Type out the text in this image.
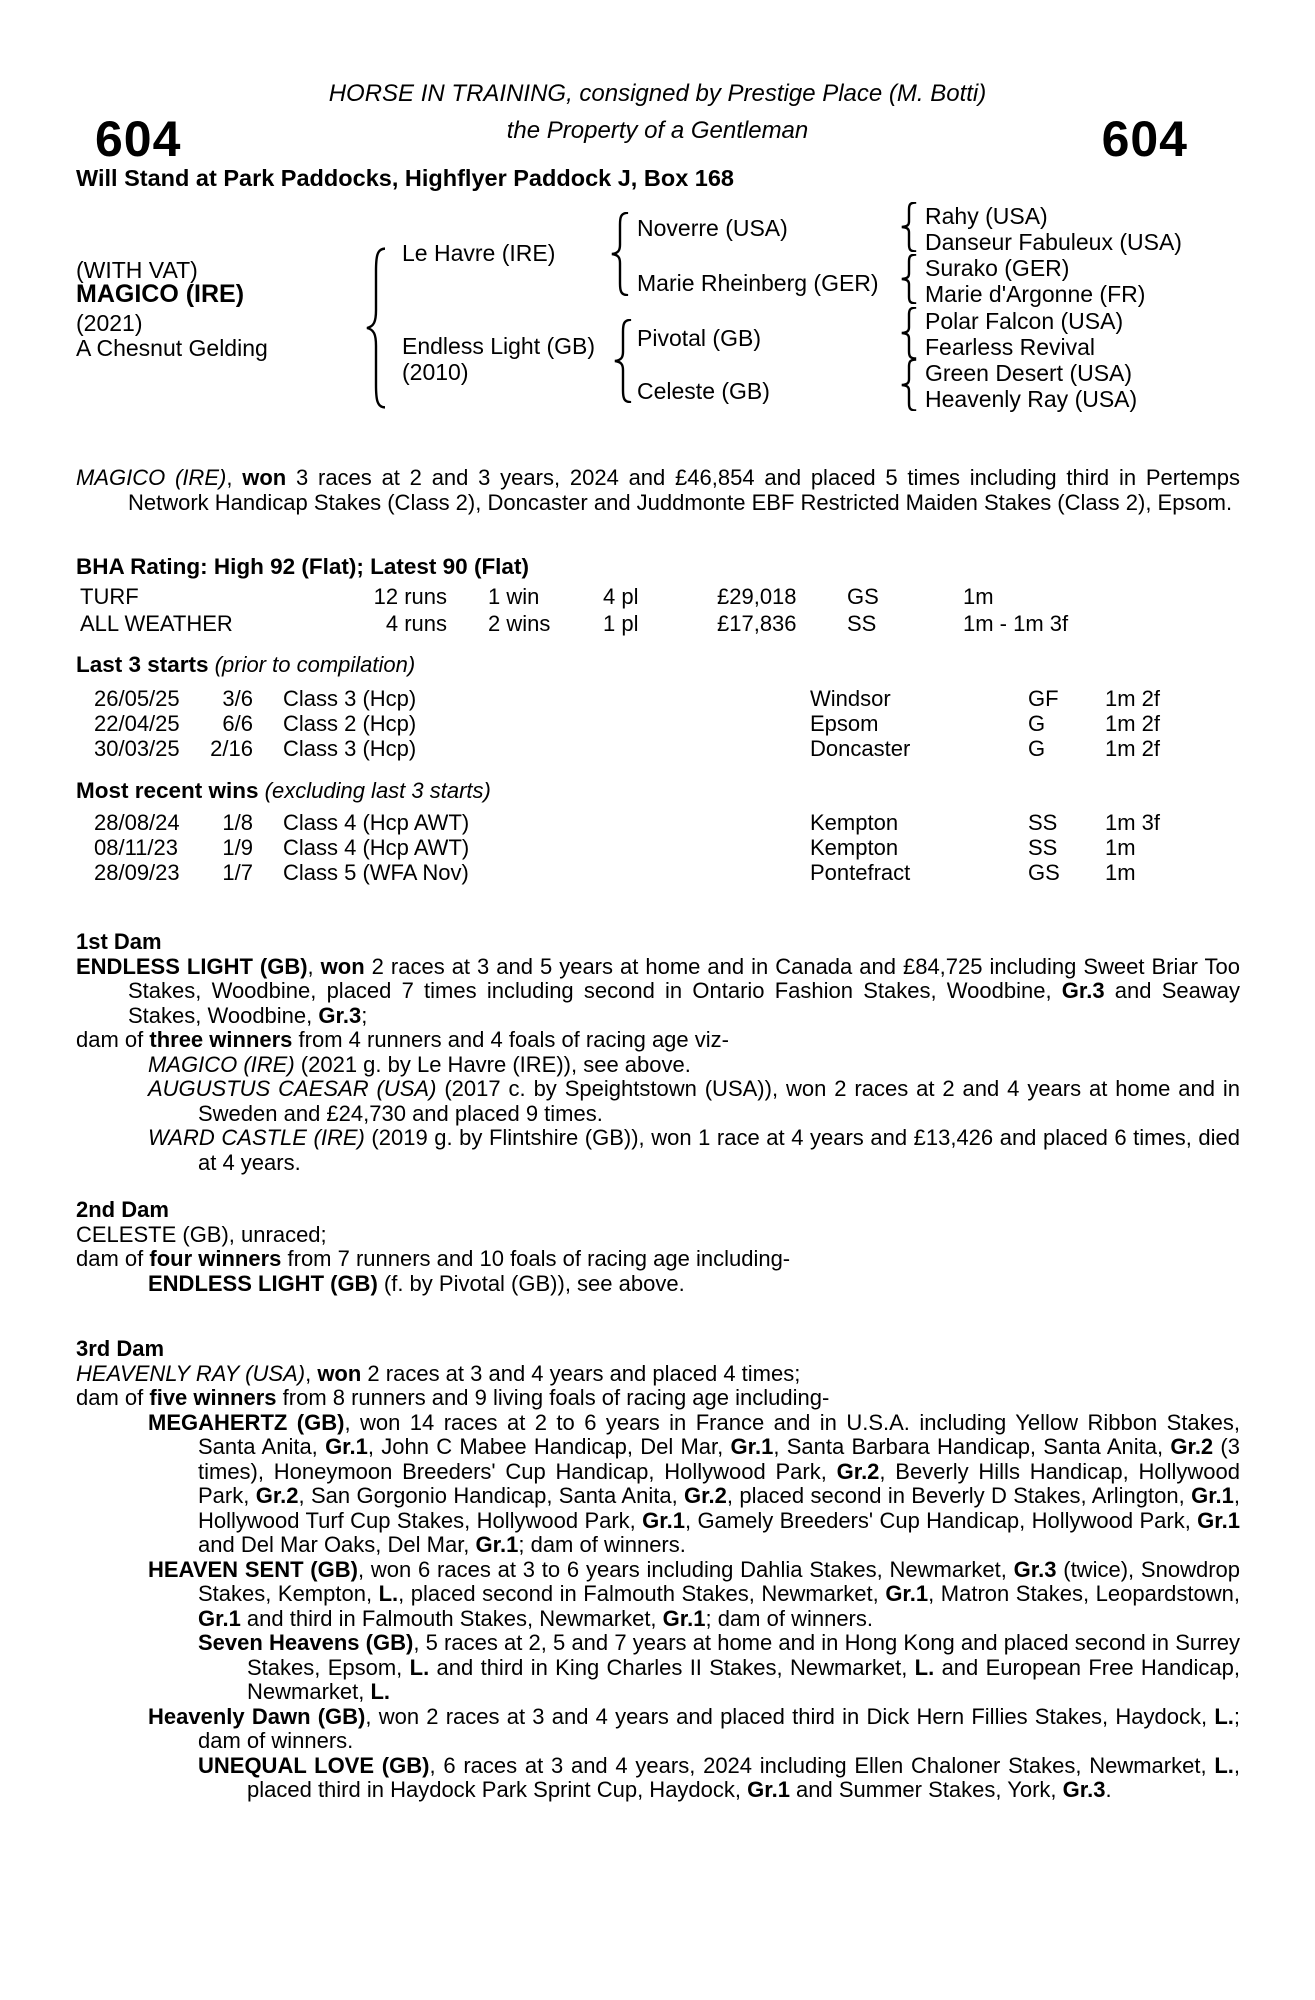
HORSE IN TRAINING, consigned by Prestige Place (M. Botti)
604	the Property of a Gentleman	604
Will Stand at Park Paddocks, Highflyer Paddock J, Box 168
(WITH VAT)
MAGICO (IRE)
(2021)
A Chesnut Gelding
Le Havre (IRE)
Endless Light (GB)
(2010)
Noverre (USA)
Marie Rheinberg (GER)
Pivotal (GB)
Celeste (GB)
Rahy (USA)
Danseur Fabuleux (USA)
Surako (GER)
Marie d'Argonne (FR)
Polar Falcon (USA)
Fearless Revival
Green Desert (USA)
Heavenly Ray (USA)

MAGICO (IRE), won 3 races at 2 and 3 years, 2024 and £46,854 and placed 5 times including third in Pertemps Network Handicap Stakes (Class 2), Doncaster and Juddmonte EBF Restricted Maiden Stakes (Class 2), Epsom.

BHA Rating: High 92 (Flat); Latest 90 (Flat)
TURF	12 runs 1 win	4 pl	£29,018 GS	1m
ALL WEATHER	4 runs 2 wins 1 pl	£17,836 SS	1m - 1m 3f
Last 3 starts (prior to compilation)
26/05/25	3/6 Class 3 (Hcp)	Windsor	GF 1m 2f
22/04/25	6/6 Class 2 (Hcp)	Epsom	G	1m 2f
30/03/25	2/16 Class 3 (Hcp)	Doncaster	G	1m 2f
Most recent wins (excluding last 3 starts)
28/08/24	1/8 Class 4 (Hcp AWT)	Kempton	SS 1m 3f
08/11/23	1/9 Class 4 (Hcp AWT)	Kempton	SS 1m
28/09/23	1/7 Class 5 (WFA Nov)	Pontefract	GS 1m
1st Dam

ENDLESS LIGHT (GB), won 2 races at 3 and 5 years at home and in Canada and £84,725 including Sweet Briar Too Stakes, Woodbine, placed 7 times including second in Ontario Fashion Stakes, Woodbine, Gr.3 and Seaway Stakes, Woodbine, Gr.3;

dam of three winners from 4 runners and 4 foals of racing age viz-

MAGICO (IRE) (2021 g. by Le Havre (IRE)), see above.

AUGUSTUS CAESAR (USA) (2017 c. by Speightstown (USA)), won 2 races at 2 and 4 years at home and in Sweden and £24,730 and placed 9 times.

WARD CASTLE (IRE) (2019 g. by Flintshire (GB)), won 1 race at 4 years and £13,426 and placed 6 times, died at 4 years.

2nd Dam

CELESTE (GB), unraced;

dam of four winners from 7 runners and 10 foals of racing age including-

ENDLESS LIGHT (GB) (f. by Pivotal (GB)), see above.

3rd Dam

HEAVENLY RAY (USA), won 2 races at 3 and 4 years and placed 4 times;

dam of five winners from 8 runners and 9 living foals of racing age including-

MEGAHERTZ (GB), won 14 races at 2 to 6 years in France and in U.S.A. including Yellow Ribbon Stakes, Santa Anita, Gr.1, John C Mabee Handicap, Del Mar, Gr.1, Santa Barbara Handicap, Santa Anita, Gr.2 (3 times), Honeymoon Breeders' Cup Handicap, Hollywood Park, Gr.2, Beverly Hills Handicap, Hollywood Park, Gr.2, San Gorgonio Handicap, Santa Anita, Gr.2, placed second in Beverly D Stakes, Arlington, Gr.1, Hollywood Turf Cup Stakes, Hollywood Park, Gr.1, Gamely Breeders' Cup Handicap, Hollywood Park, Gr.1 and Del Mar Oaks, Del Mar, Gr.1; dam of winners.

HEAVEN SENT (GB), won 6 races at 3 to 6 years including Dahlia Stakes, Newmarket, Gr.3 (twice), Snowdrop Stakes, Kempton, L., placed second in Falmouth Stakes, Newmarket, Gr.1, Matron Stakes, Leopardstown, Gr.1 and third in Falmouth Stakes, Newmarket, Gr.1; dam of winners.

Seven Heavens (GB), 5 races at 2, 5 and 7 years at home and in Hong Kong and placed second in Surrey Stakes, Epsom, L. and third in King Charles II Stakes, Newmarket, L. and European Free Handicap, Newmarket, L.

Heavenly Dawn (GB), won 2 races at 3 and 4 years and placed third in Dick Hern Fillies Stakes, Haydock, L.; dam of winners.

UNEQUAL LOVE (GB), 6 races at 3 and 4 years, 2024 including Ellen Chaloner Stakes, Newmarket, L., placed third in Haydock Park Sprint Cup, Haydock, Gr.1 and Summer Stakes, York, Gr.3.
